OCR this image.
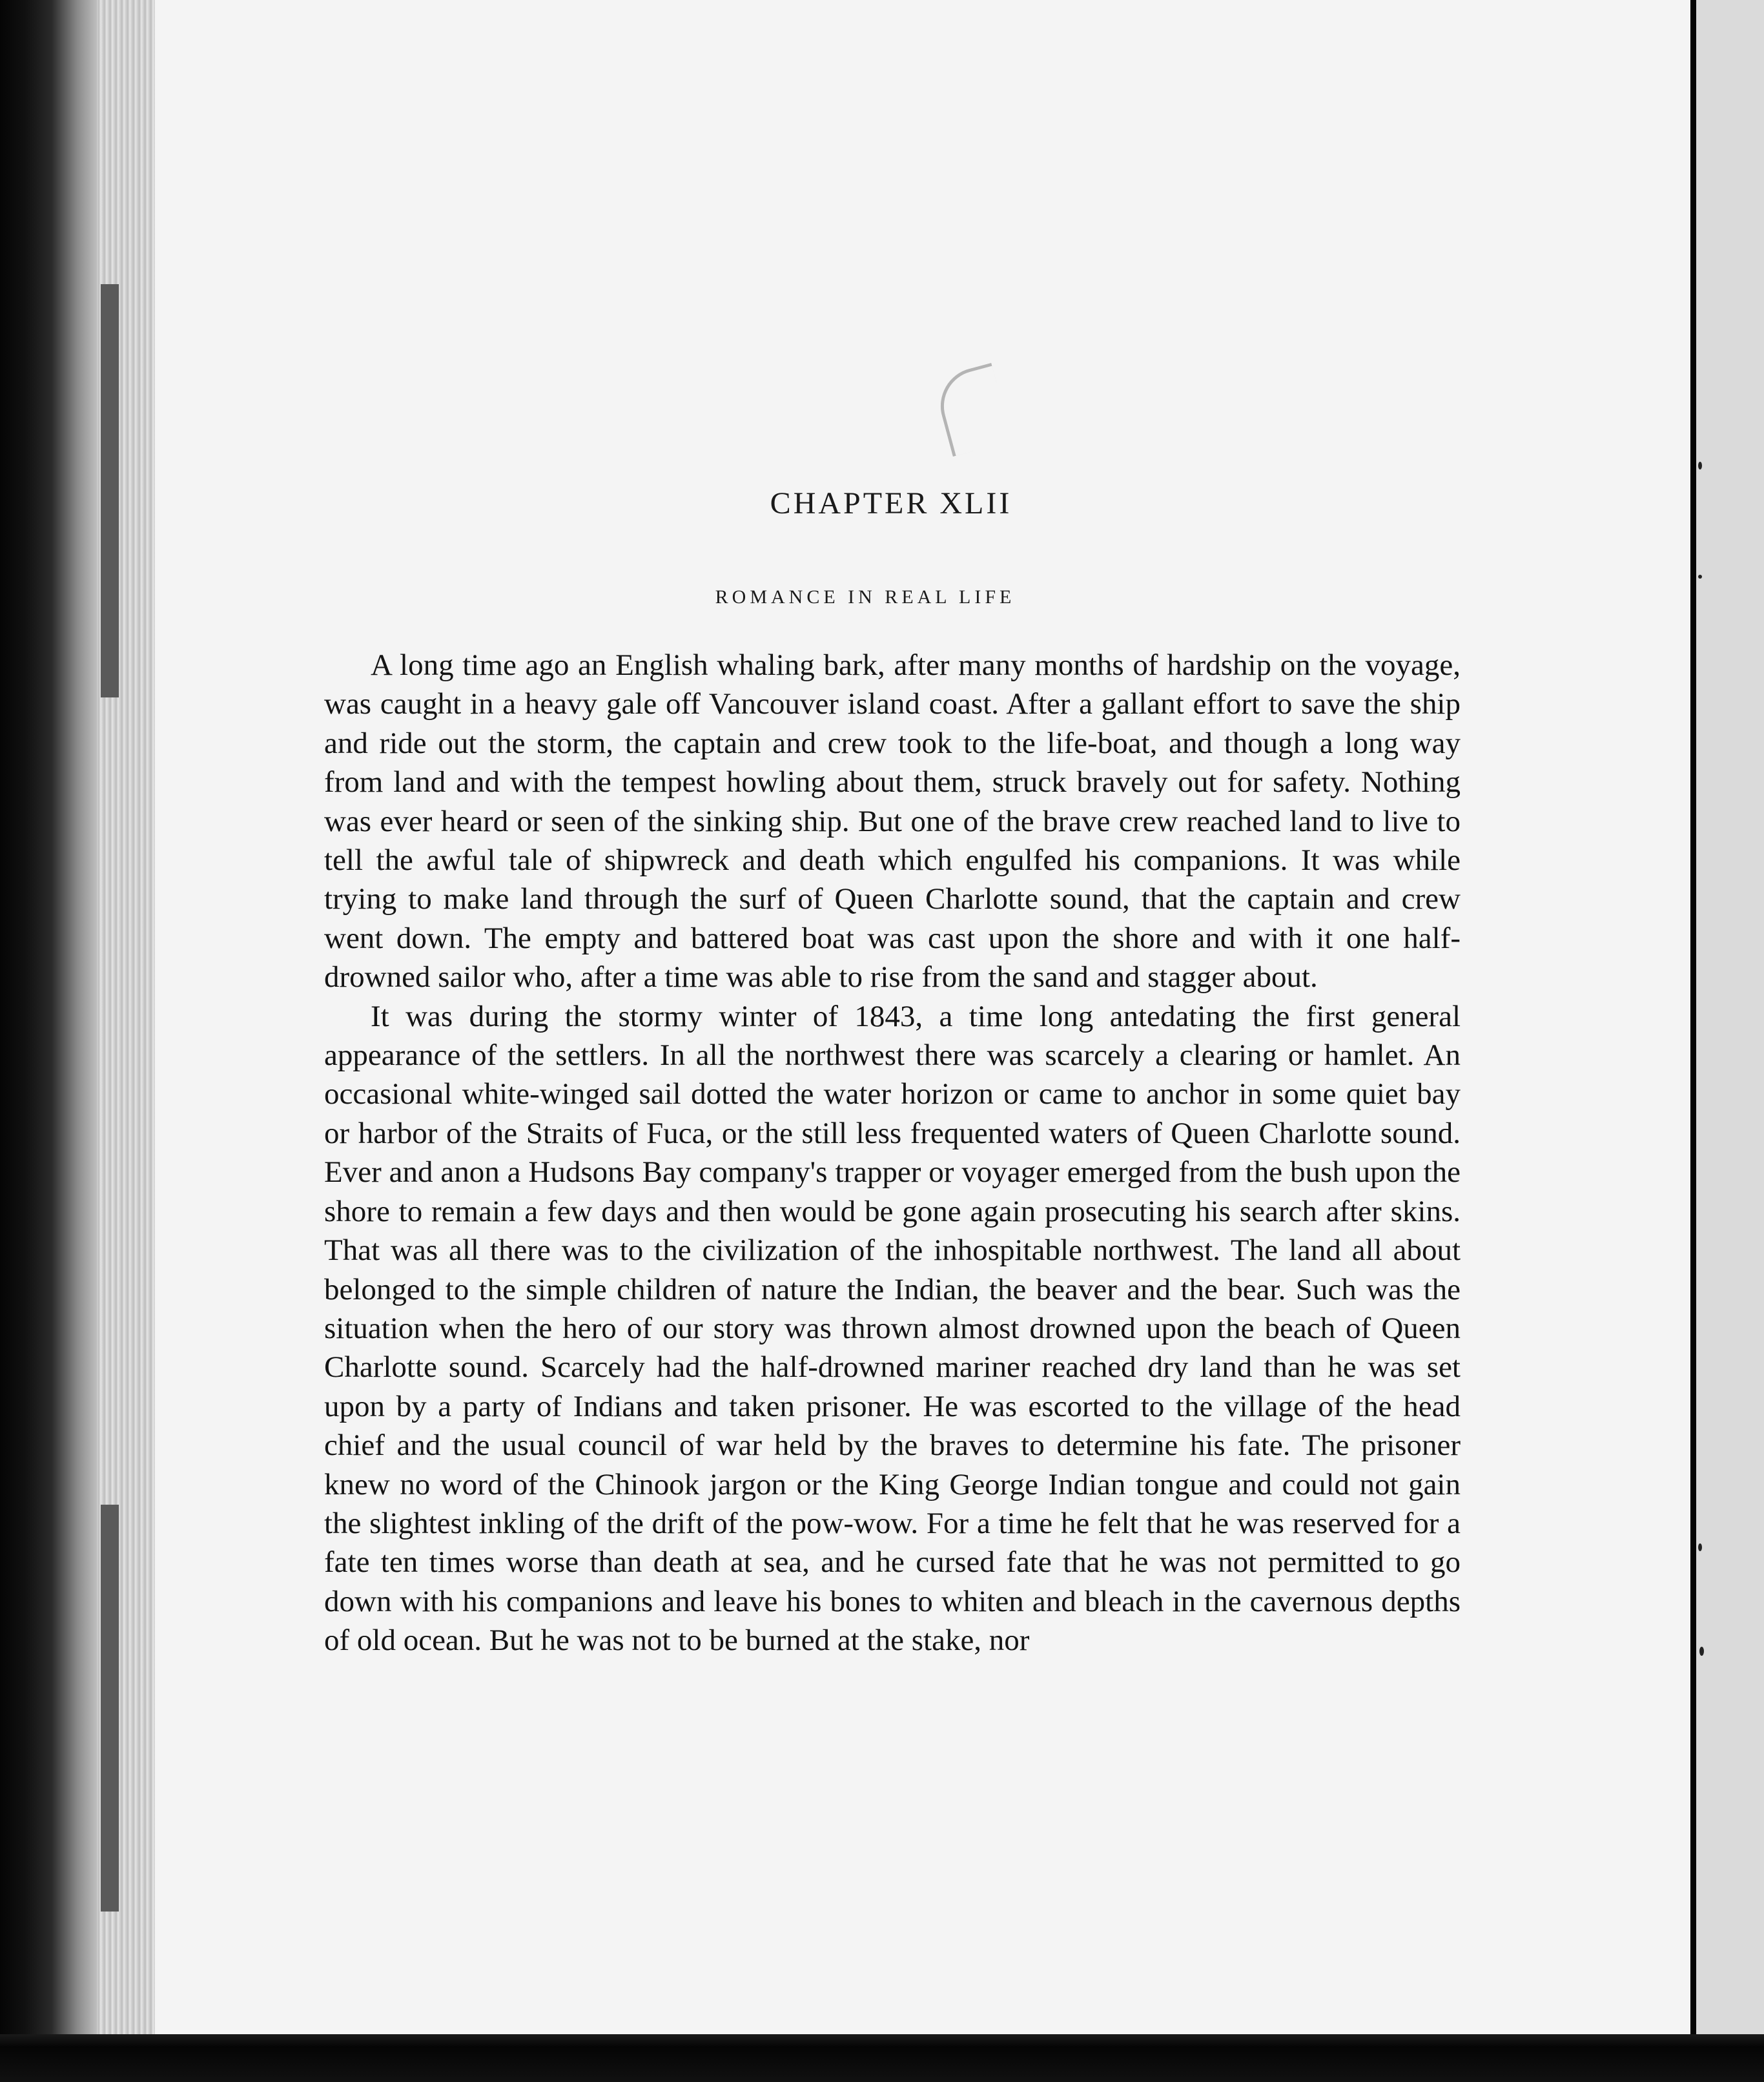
CHAPTER XLII
ROMANCE IN REAL LIFE

A long time ago an English whaling bark, after many months of hardship on the voyage, was caught in a heavy gale off Vancouver island coast. After a gallant effort to save the ship and ride out the storm, the captain and crew took to the life-boat, and though a long way from land and with the tempest howling about them, struck bravely out for safety. Nothing was ever heard or seen of the sinking ship. But one of the brave crew reached land to live to tell the awful tale of shipwreck and death which engulfed his companions. It was while trying to make land through the surf of Queen Charlotte sound, that the captain and crew went down. The empty and battered boat was cast upon the shore and with it one half-drowned sailor who, after a time was able to rise from the sand and stagger about.

It was during the stormy winter of 1843, a time long antedating the first general appearance of the settlers. In all the northwest there was scarcely a clearing or hamlet. An occasional white-winged sail dotted the water horizon or came to anchor in some quiet bay or harbor of the Straits of Fuca, or the still less frequented waters of Queen Charlotte sound. Ever and anon a Hudsons Bay company's trapper or voyager emerged from the bush upon the shore to remain a few days and then would be gone again prosecuting his search after skins. That was all there was to the civilization of the inhospitable northwest. The land all about belonged to the simple children of nature the Indian, the beaver and the bear. Such was the situation when the hero of our story was thrown almost drowned upon the beach of Queen Charlotte sound. Scarcely had the half-drowned mariner reached dry land than he was set upon by a party of Indians and taken prisoner. He was escorted to the village of the head chief and the usual council of war held by the braves to determine his fate. The prisoner knew no word of the Chinook jargon or the King George Indian tongue and could not gain the slightest inkling of the drift of the pow-wow. For a time he felt that he was reserved for a fate ten times worse than death at sea, and he cursed fate that he was not permitted to go down with his companions and leave his bones to whiten and bleach in the cavernous depths of old ocean. But he was not to be burned at the stake, nor
